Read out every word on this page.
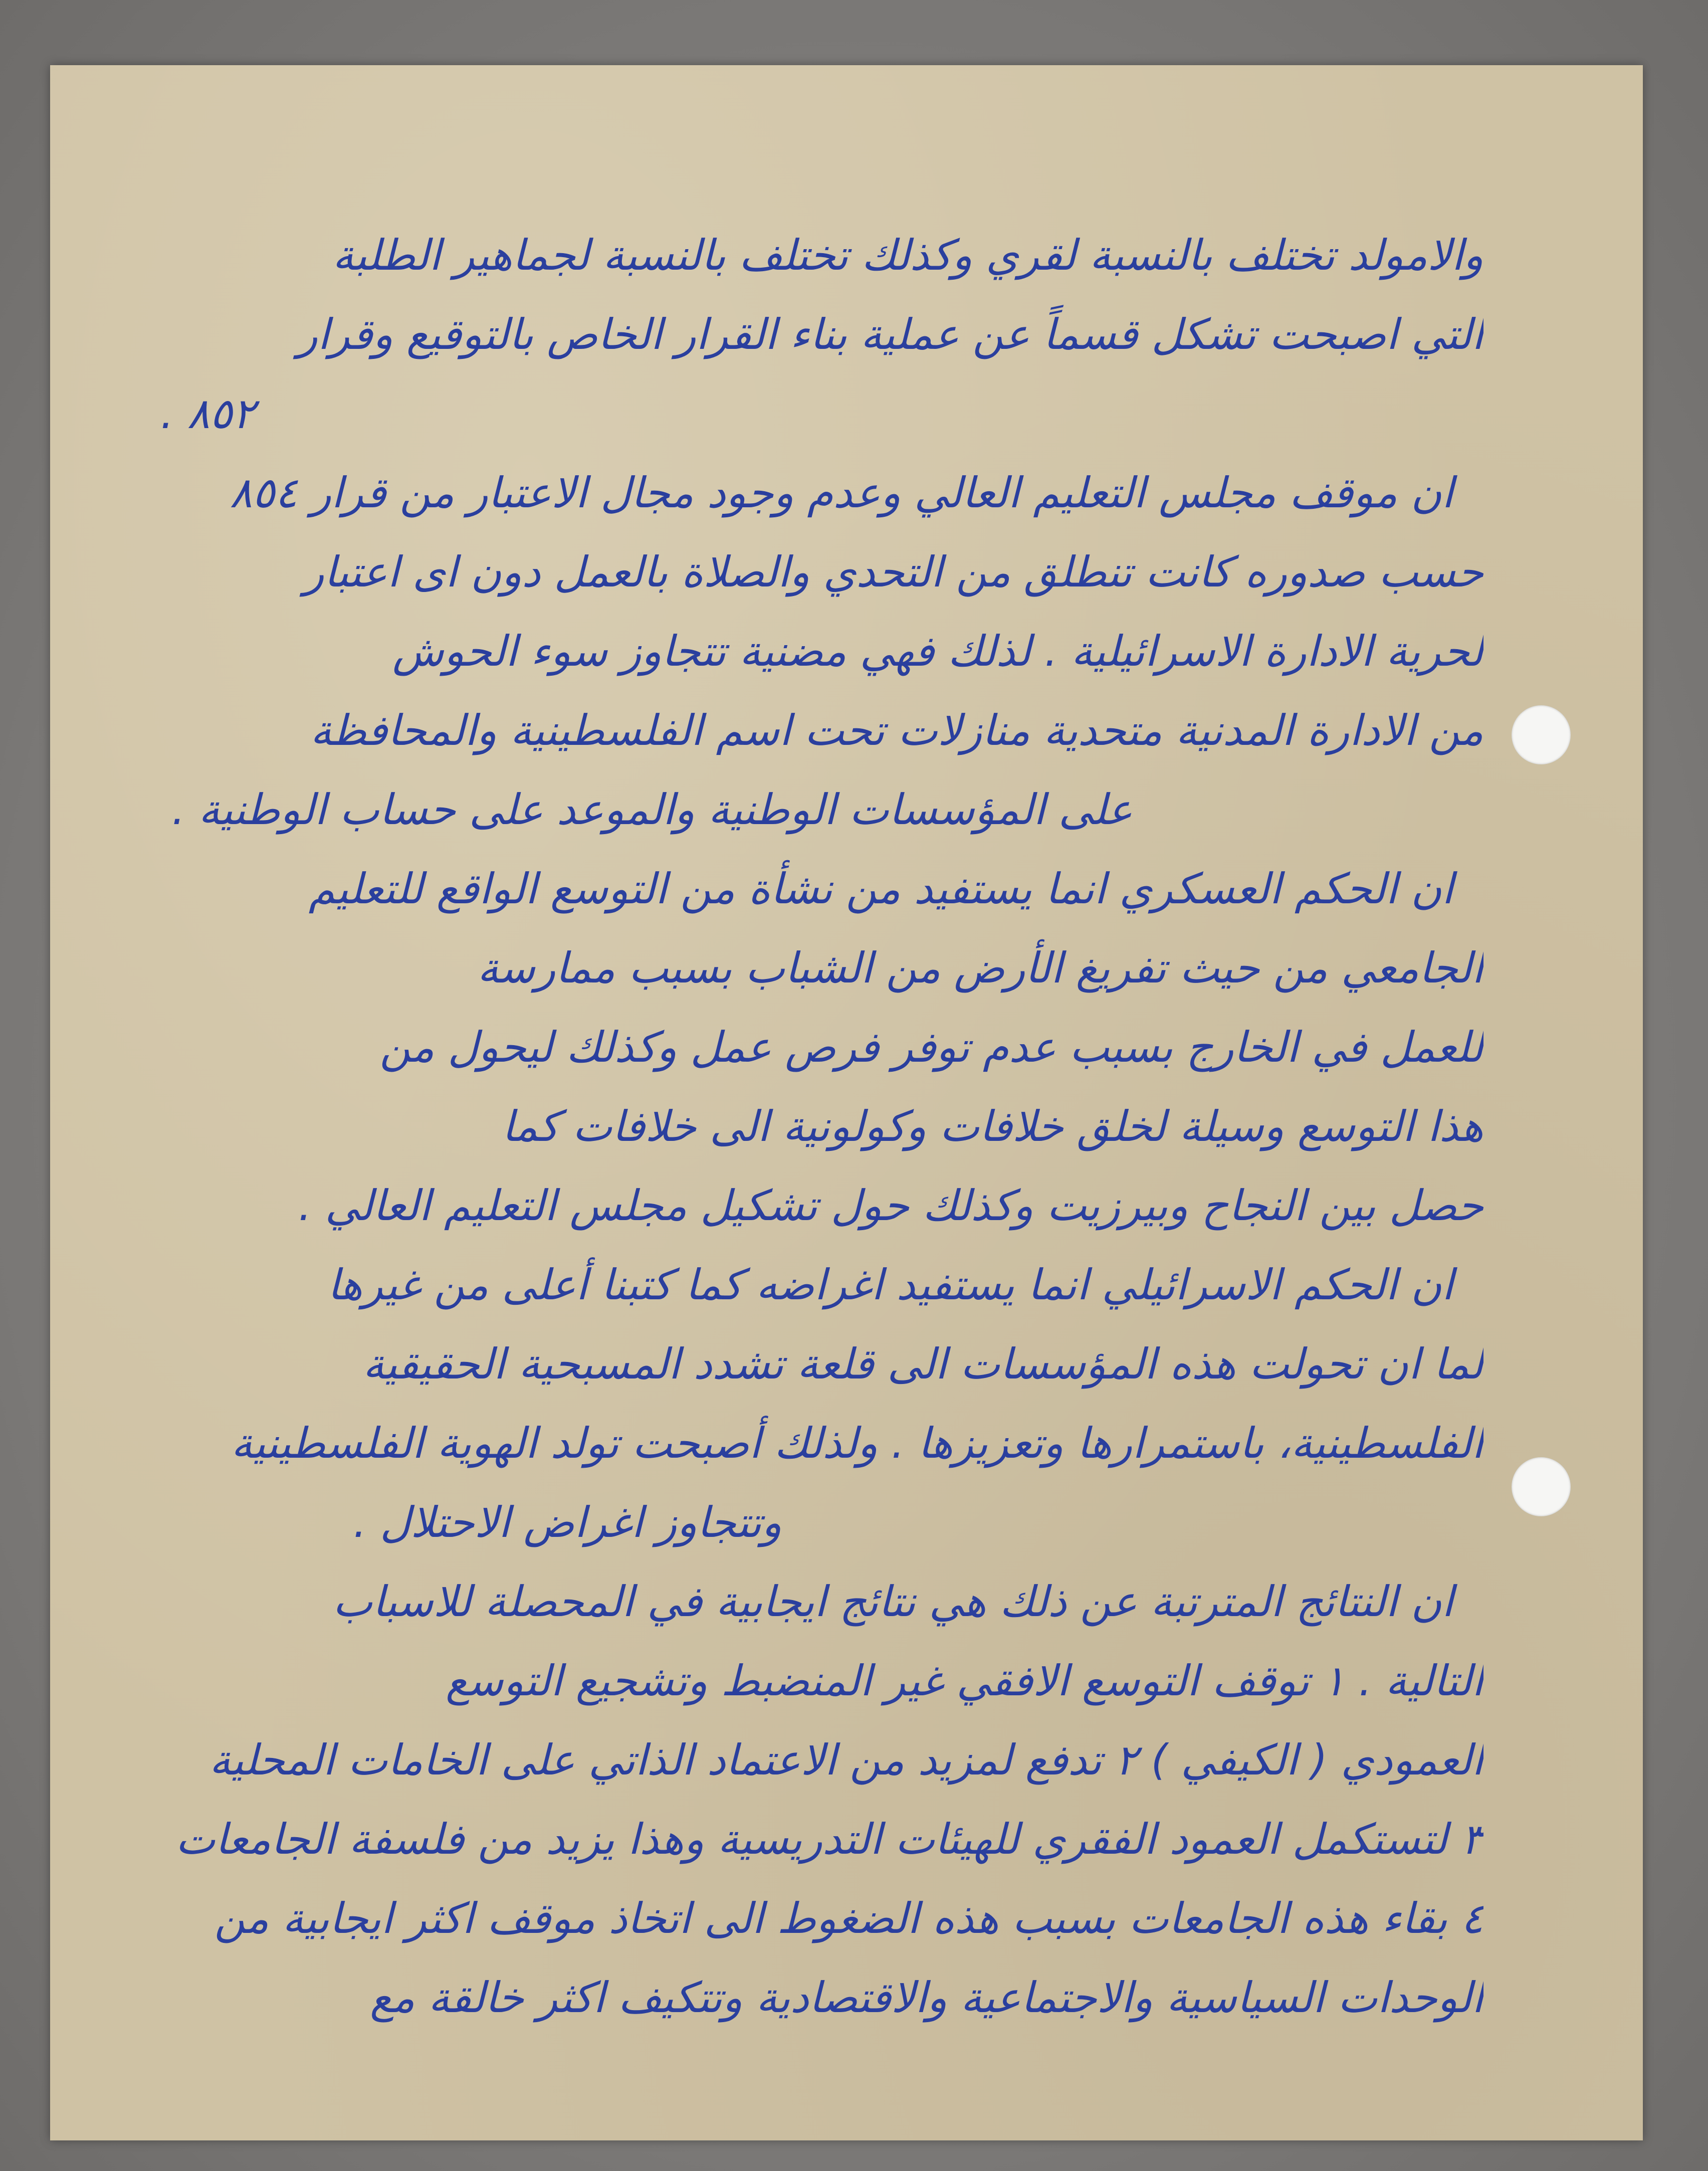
والامولد تختلف بالنسبة لقري وكذلك تختلف بالنسبة لجماهير الطلبة
التي اصبحت تشكل قسماً عن عملية بناء القرار الخاص بالتوقيع وقرار
٨٥٢ .
ان موقف مجلس التعليم العالي وعدم وجود مجال الاعتبار من قرار ٨٥٤
حسب صدوره كانت تنطلق من التحدي والصلاة بالعمل دون ای اعتبار
لحرية الادارة الاسرائيلية . لذلك فهي مضنية تتجاوز سوء الحوش
من الادارة المدنية متحدية منازلات تحت اسم الفلسطينية والمحافظة
على المؤسسات الوطنية والموعد على حساب الوطنية .
ان الحكم العسكري انما يستفيد من نشأة من التوسع الواقع للتعليم
الجامعي من حيث تفريغ الأرض من الشباب بسبب ممارسة
للعمل في الخارج بسبب عدم توفر فرص عمل وكذلك ليحول من
هذا التوسع وسيلة لخلق خلافات وكولونية الى خلافات كما
حصل بين النجاح وبيرزيت وكذلك حول تشكيل مجلس التعليم العالي .
ان الحكم الاسرائيلي انما يستفيد اغراضه كما كتبنا أعلى من غيرها
لما ان تحولت هذه المؤسسات الى قلعة تشدد المسبحية الحقيقية
الفلسطينية، باستمرارها وتعزيزها . ولذلك أصبحت تولد الهوية الفلسطينية
وتتجاوز اغراض الاحتلال .
ان النتائج المترتبة عن ذلك هي نتائج ايجابية في المحصلة للاسباب
التالية . ١ توقف التوسع الافقي غير المنضبط وتشجيع التوسع
العمودي ( الكيفي ) ٢ تدفع لمزيد من الاعتماد الذاتي على الخامات المحلية
٣ لتستكمل العمود الفقري للهيئات التدريسية وهذا يزيد من فلسفة الجامعات
٤ بقاء هذه الجامعات بسبب هذه الضغوط الى اتخاذ موقف اكثر ايجابية من
الوحدات السياسية والاجتماعية والاقتصادية وتتكيف اكثر خالقة مع
